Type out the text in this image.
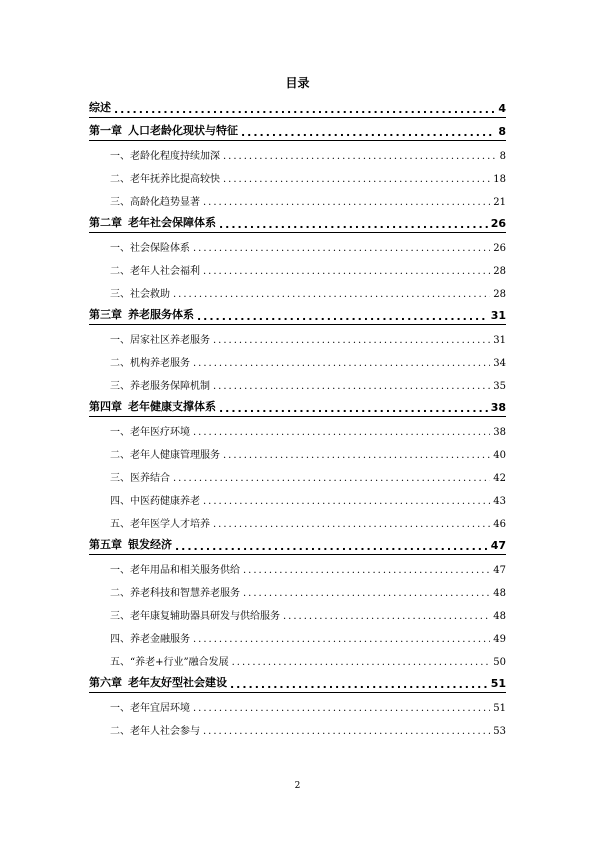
目录
综述 .....	4
第一章 人口老龄化现状与特征 .....	8
一、老龄化程度持续加深 .....	8
二、老年抚养比提高较快 .....	18
三、高龄化趋势显著 .....	21
第二章 老年社会保障体系 .....	26
一、社会保险体系 .....	26
二、老年人社会福利 .....	28
三、社会救助 .....	28
第三章 养老服务体系 .....	31
一、居家社区养老服务 .....	31
二、机构养老服务 .....	34
三、养老服务保障机制 .....	35
第四章 老年健康支撑体系 .....	38
一、老年医疗环境 .....	38
二、老年人健康管理服务 .....	40
三、医养结合 .....	42
四、中医药健康养老 .....	43
五、老年医学人才培养 .....	46
第五章 银发经济 .....	47
一、老年用品和相关服务供给 .....	47
二、养老科技和智慧养老服务 .....	48
三、老年康复辅助器具研发与供给服务 .....	48
四、养老金融服务 .....	49
五、“养老+行业”融合发展 .....	50
第六章 老年友好型社会建设 .....	51
一、老年宜居环境 .....	51
二、老年人社会参与 .....	53
2
